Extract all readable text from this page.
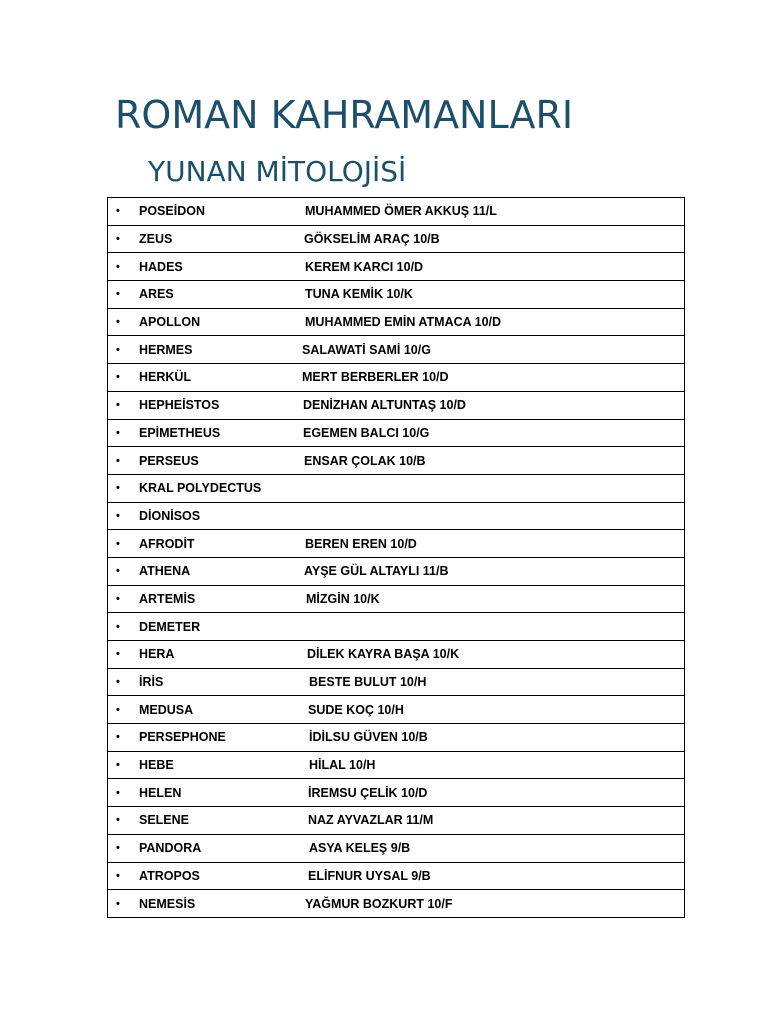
ROMAN KAHRAMANLARI
YUNAN MİTOLOJİSİ
• POSEİDON	MUHAMMED ÖMER AKKUŞ 11/L

• ZEUS	GÖKSELİM ARAÇ 10/B

• HADES	KEREM KARCI 10/D

• ARES	TUNA KEMİK 10/K

• APOLLON	MUHAMMED EMİN ATMACA 10/D

• HERMES	SALAWATİ SAMİ 10/G

• HERKÜL	MERT BERBERLER 10/D

• HEPHEİSTOS	DENİZHAN ALTUNTAŞ 10/D

• EPİMETHEUS	EGEMEN BALCI 10/G

• PERSEUS	ENSAR ÇOLAK 10/B

• KRAL POLYDECTUS

• DİONİSOS

• AFRODİT	BEREN EREN 10/D

• ATHENA	AYŞE GÜL ALTAYLI 11/B

• ARTEMİS	MİZGİN 10/K

• DEMETER

• HERA	DİLEK KAYRA BAŞA 10/K

• İRİS	BESTE BULUT 10/H

• MEDUSA	SUDE KOÇ 10/H

• PERSEPHONE	İDİLSU GÜVEN 10/B

• HEBE	HİLAL 10/H

• HELEN	İREMSU ÇELİK 10/D

• SELENE	NAZ AYVAZLAR 11/M

• PANDORA	ASYA KELEŞ 9/B

• ATROPOS	ELİFNUR UYSAL 9/B

• NEMESİS	YAĞMUR BOZKURT 10/F
